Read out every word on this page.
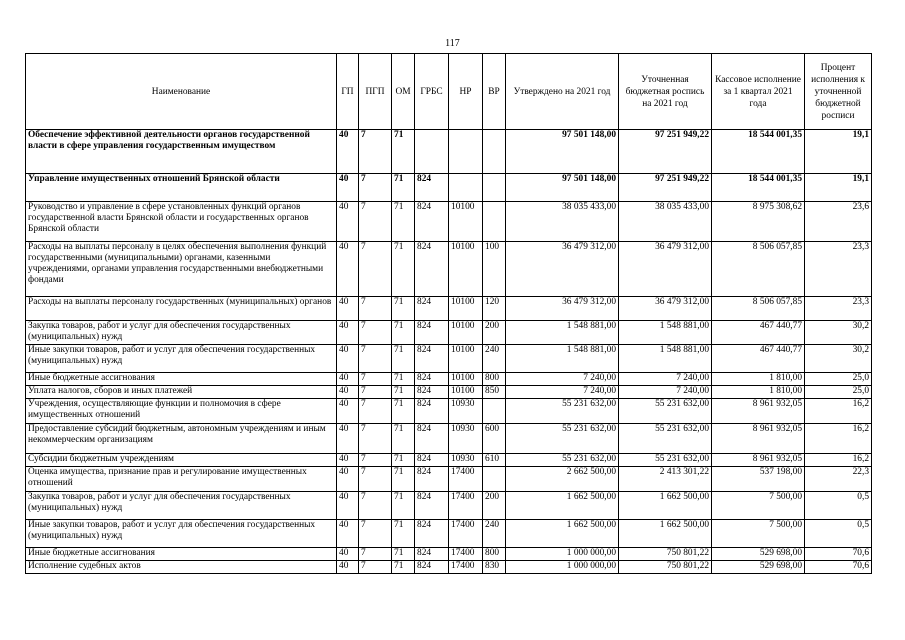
117
Наименование	ГП	ПГП	ОМ	ГРБС	НР	ВР	Утверждено на 2021 год	Уточненная бюджетная роспись на 2021 год	Кассовое исполнение за 1 квартал 2021 года	Процент исполнения к уточненной бюджетной росписи
Обеспечение эффективной деятельности органов государственной власти в сфере управления государственным имуществом	40	7	71				97 501 148,00	97 251 949,22	18 544 001,35	19,1
Управление имущественных отношений Брянской области	40	7	71	824			97 501 148,00	97 251 949,22	18 544 001,35	19,1
Руководство и управление в сфере установленных функций органов государственной власти Брянской области и государственных органов Брянской области	40	7	71	824	10100		38 035 433,00	38 035 433,00	8 975 308,62	23,6
Расходы на выплаты персоналу в целях обеспечения выполнения функций государственными (муниципальными) органами, казенными учреждениями, органами управления государственными внебюджетными фондами	40	7	71	824	10100	100	36 479 312,00	36 479 312,00	8 506 057,85	23,3
Расходы на выплаты персоналу государственных (муниципальных) органов	40	7	71	824	10100	120	36 479 312,00	36 479 312,00	8 506 057,85	23,3
Закупка товаров, работ и услуг для обеспечения государственных (муниципальных) нужд	40	7	71	824	10100	200	1 548 881,00	1 548 881,00	467 440,77	30,2
Иные закупки товаров, работ и услуг для обеспечения государственных (муниципальных) нужд	40	7	71	824	10100	240	1 548 881,00	1 548 881,00	467 440,77	30,2
Иные бюджетные ассигнования	40	7	71	824	10100	800	7 240,00	7 240,00	1 810,00	25,0
Уплата налогов, сборов и иных платежей	40	7	71	824	10100	850	7 240,00	7 240,00	1 810,00	25,0
Учреждения, осуществляющие функции и полномочия в сфере имущественных отношений	40	7	71	824	10930		55 231 632,00	55 231 632,00	8 961 932,05	16,2
Предоставление субсидий бюджетным, автономным учреждениям и иным некоммерческим организациям	40	7	71	824	10930	600	55 231 632,00	55 231 632,00	8 961 932,05	16,2
Субсидии бюджетным учреждениям	40	7	71	824	10930	610	55 231 632,00	55 231 632,00	8 961 932,05	16,2
Оценка имущества, признание прав и регулирование имущественных отношений	40	7	71	824	17400		2 662 500,00	2 413 301,22	537 198,00	22,3
Закупка товаров, работ и услуг для обеспечения государственных (муниципальных) нужд	40	7	71	824	17400	200	1 662 500,00	1 662 500,00	7 500,00	0,5
Иные закупки товаров, работ и услуг для обеспечения государственных (муниципальных) нужд	40	7	71	824	17400	240	1 662 500,00	1 662 500,00	7 500,00	0,5
Иные бюджетные ассигнования	40	7	71	824	17400	800	1 000 000,00	750 801,22	529 698,00	70,6
Исполнение судебных актов	40	7	71	824	17400	830	1 000 000,00	750 801,22	529 698,00	70,6
